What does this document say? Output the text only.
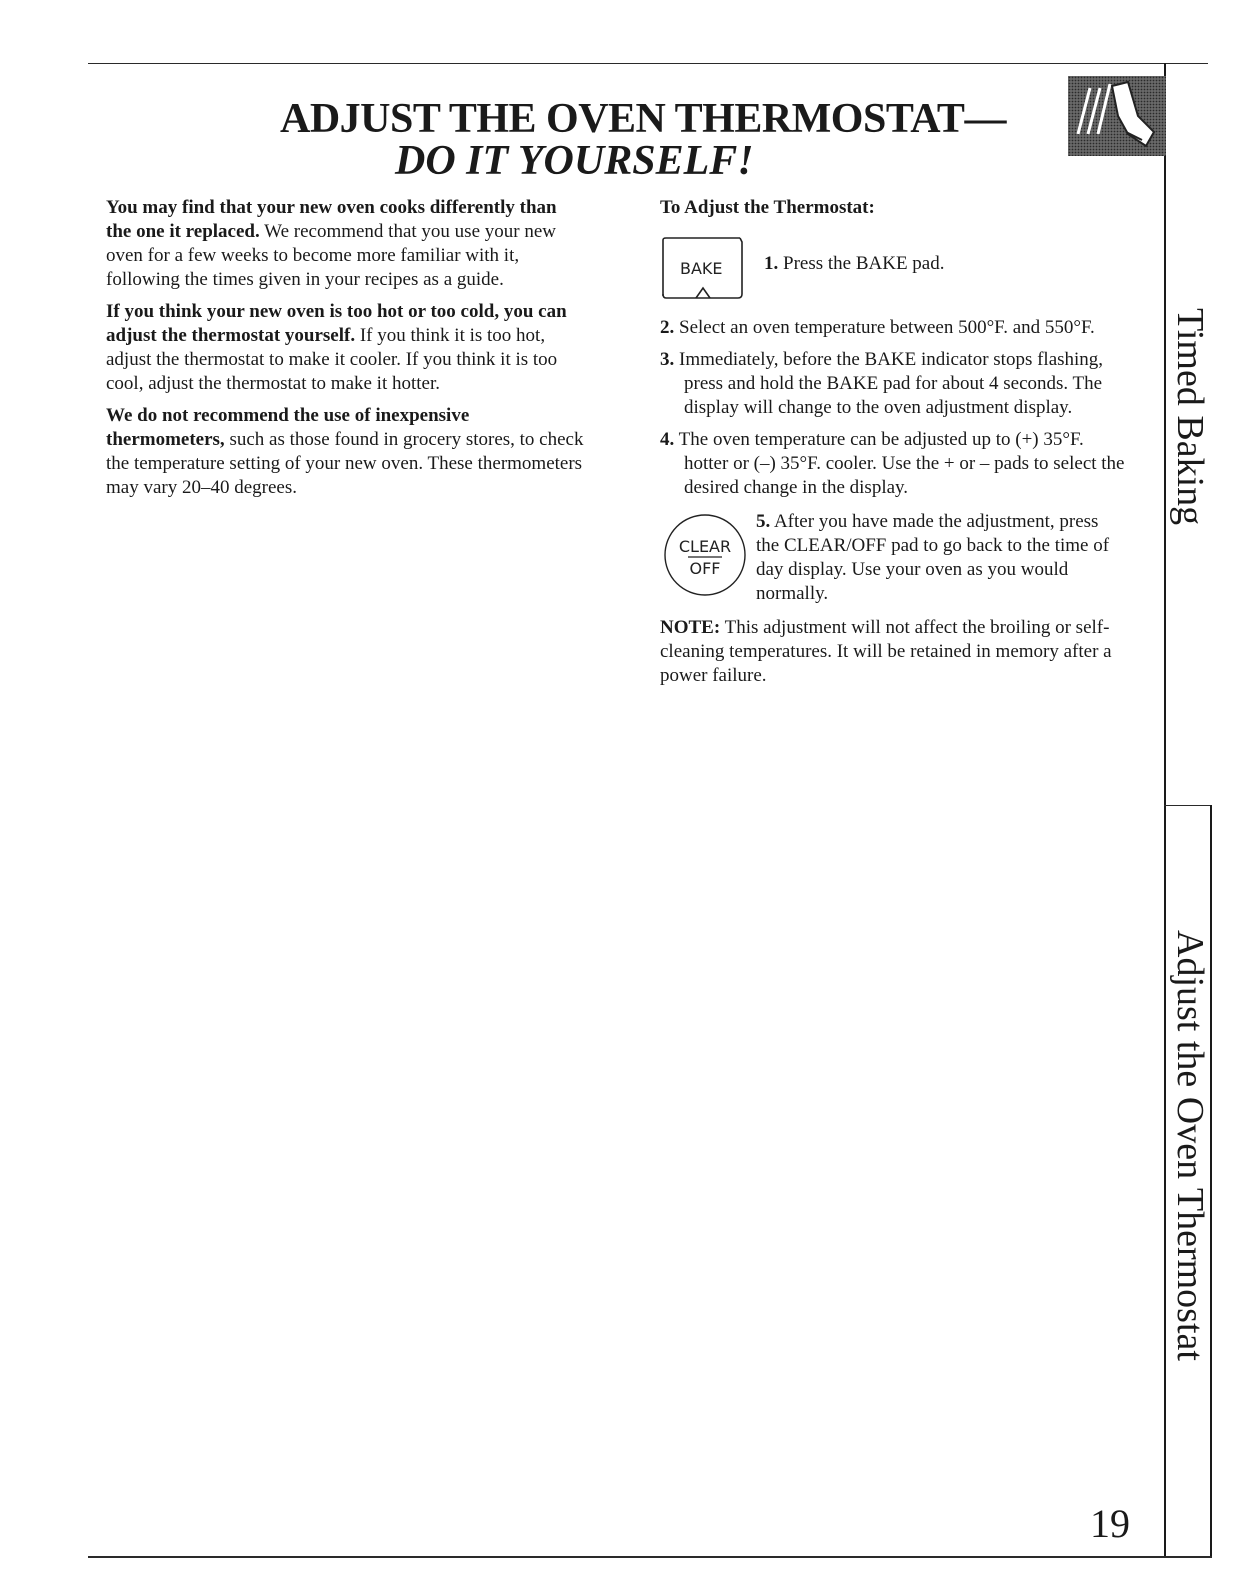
ADJUST THE OVEN THERMOSTAT—
DO IT YOURSELF!

You may find that your new oven cooks differently than the one it replaced. We recommend that you use your new oven for a few weeks to become more familiar with it, following the times given in your recipes as a guide.

If you think your new oven is too hot or too cold, you can adjust the thermostat yourself. If you think it is too hot, adjust the thermostat to make it cooler. If you think it is too cool, adjust the thermostat to make it hotter.

We do not recommend the use of inexpensive thermometers, such as those found in grocery stores, to check the temperature setting of your new oven. These thermometers may vary 20–40 degrees.

To Adjust the Thermostat:
BAKE 1. Press the BAKE pad.
2. Select an oven temperature between 500°F. and 550°F.
3. Immediately, before the BAKE indicator stops flashing, press and hold the BAKE pad for about 4 seconds. The display will change to the oven adjustment display.
4. The oven temperature can be adjusted up to (+) 35°F. hotter or (–) 35°F. cooler. Use the + or – pads to select the desired change in the display.
CLEAR
OFF
5. After you have made the adjustment, press the CLEAR/OFF pad to go back to the time of day display. Use your oven as you would normally.

NOTE: This adjustment will not affect the broiling or self-cleaning temperatures. It will be retained in memory after a power failure.

Timed Baking
Adjust the Oven Thermostat
19
